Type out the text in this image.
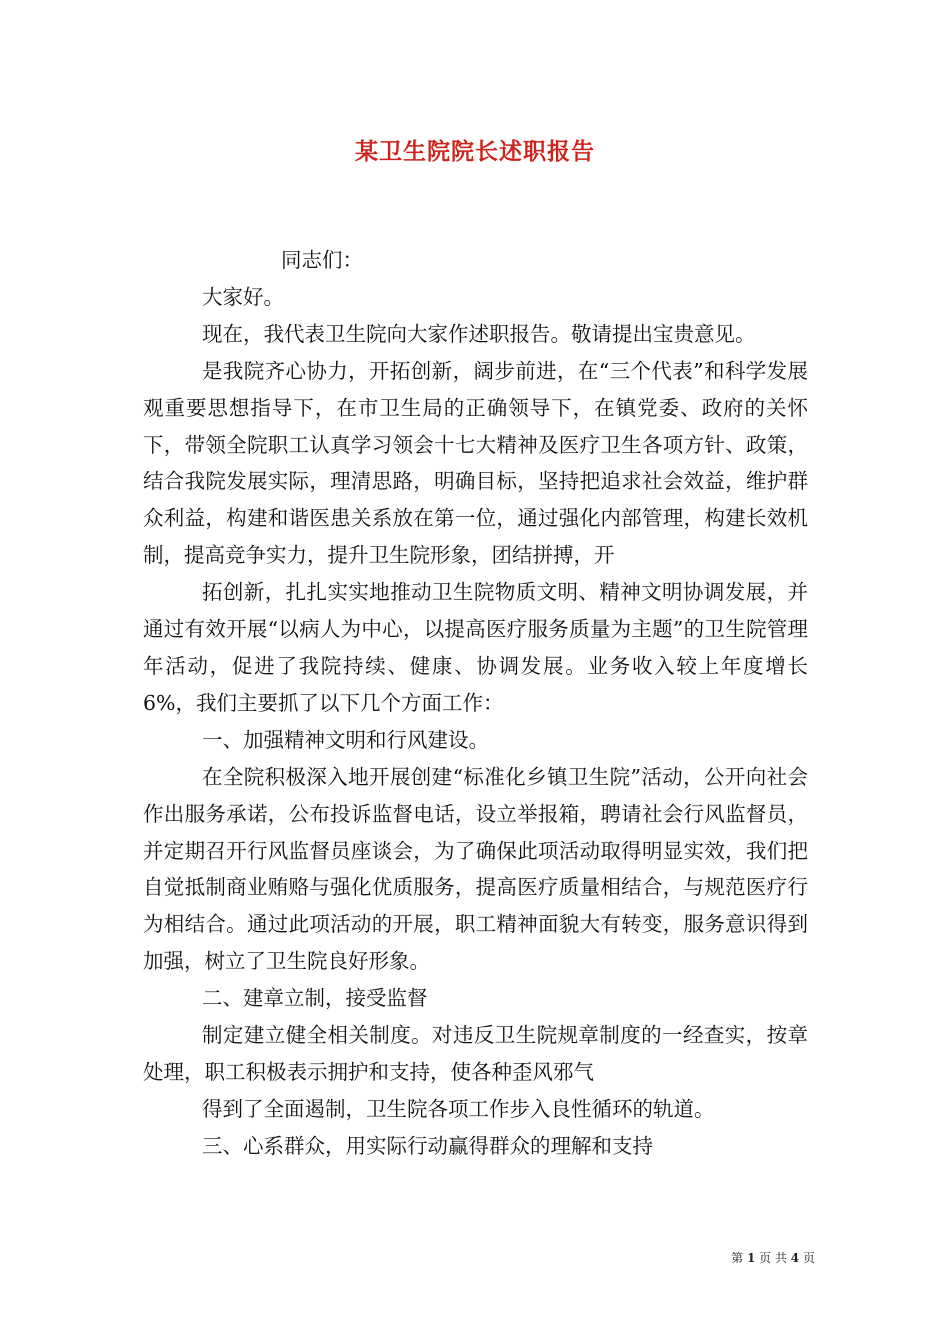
某卫生院院长述职报告

同志们：

大家好。

现在，我代表卫生院向大家作述职报告。敬请提出宝贵意见。

是我院齐心协力，开拓创新，阔步前进，在“三个代表”和科学发展观重要思想指导下，在市卫生局的正确领导下，在镇党委、政府的关怀下，带领全院职工认真学习领会十七大精神及医疗卫生各项方针、政策，结合我院发展实际，理清思路，明确目标，坚持把追求社会效益，维护群众利益，构建和谐医患关系放在第一位，通过强化内部管理，构建长效机制，提高竞争实力，提升卫生院形象，团结拼搏，开

拓创新，扎扎实实地推动卫生院物质文明、精神文明协调发展，并通过有效开展“以病人为中心，以提高医疗服务质量为主题”的卫生院管理年活动，促进了我院持续、健康、协调发展。业务收入较上年度增长6%，我们主要抓了以下几个方面工作：

一、加强精神文明和行风建设。

在全院积极深入地开展创建“标准化乡镇卫生院”活动，公开向社会作出服务承诺，公布投诉监督电话，设立举报箱，聘请社会行风监督员，并定期召开行风监督员座谈会，为了确保此项活动取得明显实效，我们把自觉抵制商业贿赂与强化优质服务，提高医疗质量相结合，与规范医疗行为相结合。通过此项活动的开展，职工精神面貌大有转变，服务意识得到加强，树立了卫生院良好形象。

二、建章立制，接受监督

制定建立健全相关制度。对违反卫生院规章制度的一经查实，按章处理，职工积极表示拥护和支持，使各种歪风邪气

得到了全面遏制，卫生院各项工作步入良性循环的轨道。

三、心系群众，用实际行动赢得群众的理解和支持

第 1 页 共 4 页
